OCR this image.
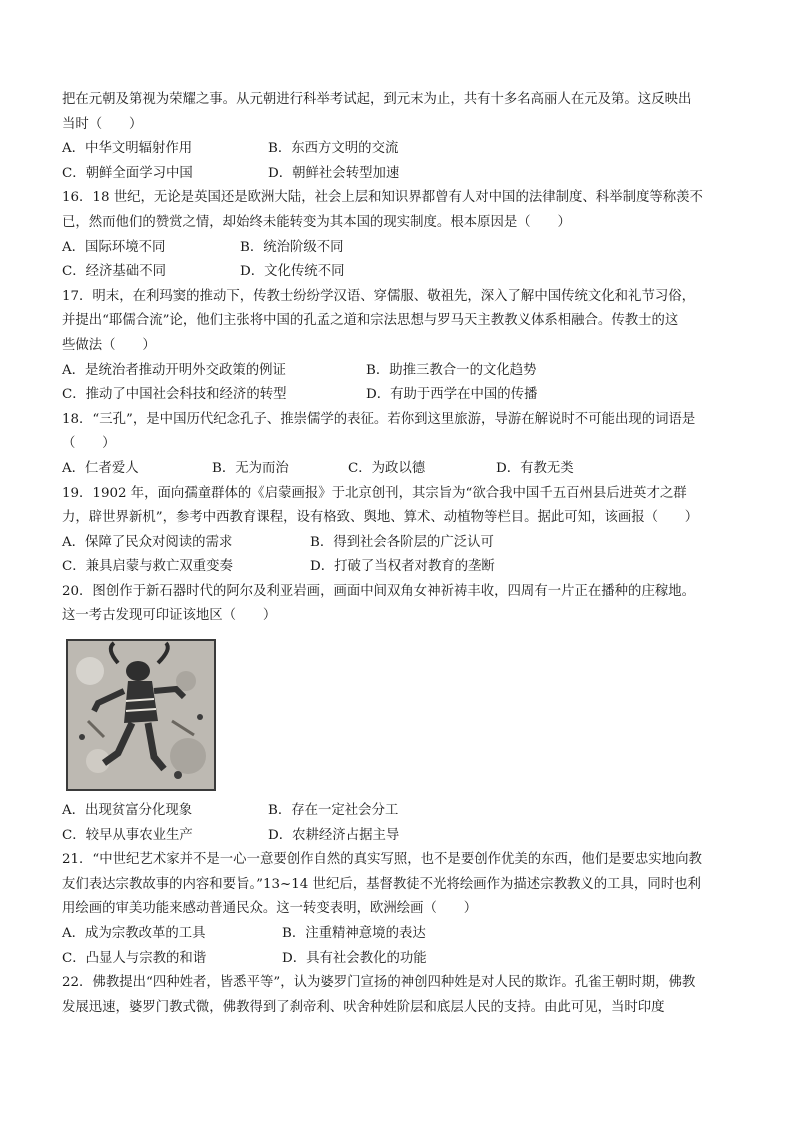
把在元朝及第视为荣耀之事。从元朝进行科举考试起，到元末为止，共有十多名高丽人在元及第。这反映出
当时（　　）
A．中华文明辐射作用	B．东西方文明的交流
C．朝鲜全面学习中国	D．朝鲜社会转型加速
16．18 世纪，无论是英国还是欧洲大陆，社会上层和知识界都曾有人对中国的法律制度、科举制度等称羡不
已，然而他们的赞赏之情，却始终未能转变为其本国的现实制度。根本原因是（　　）
A．国际环境不同	B．统治阶级不同
C．经济基础不同	D．文化传统不同
17．明末，在利玛窦的推动下，传教士纷纷学汉语、穿儒服、敬祖先，深入了解中国传统文化和礼节习俗，
并提出“耶儒合流”论，他们主张将中国的孔孟之道和宗法思想与罗马天主教教义体系相融合。传教士的这
些做法（　　）
A．是统治者推动开明外交政策的例证	B．助推三教合一的文化趋势
C．推动了中国社会科技和经济的转型	D．有助于西学在中国的传播
18．“三孔”，是中国历代纪念孔子、推崇儒学的表征。若你到这里旅游，导游在解说时不可能出现的词语是
（　　）
A．仁者爱人	B．无为而治	C．为政以德	D．有教无类
19．1902 年，面向孺童群体的《启蒙画报》于北京创刊，其宗旨为“欲合我中国千五百州县后进英才之群
力，辟世界新机”，参考中西教育课程，设有格致、舆地、算术、动植物等栏目。据此可知，该画报（　　）
A．保障了民众对阅读的需求	B．得到社会各阶层的广泛认可
C．兼具启蒙与救亡双重变奏	D．打破了当权者对教育的垄断
20．图创作于新石器时代的阿尔及利亚岩画，画面中间双角女神祈祷丰收，四周有一片正在播种的庄稼地。
这一考古发现可印证该地区（　　）
A．出现贫富分化现象	B．存在一定社会分工
C．较早从事农业生产	D．农耕经济占据主导
21．“中世纪艺术家并不是一心一意要创作自然的真实写照，也不是要创作优美的东西，他们是要忠实地向教
友们表达宗教故事的内容和要旨。”13~14 世纪后，基督教徒不光将绘画作为描述宗教教义的工具，同时也利
用绘画的审美功能来感动普通民众。这一转变表明，欧洲绘画（　　）
A．成为宗教改革的工具	B．注重精神意境的表达
C．凸显人与宗教的和谐	D．具有社会教化的功能
22．佛教提出“四种姓者，皆悉平等”，认为婆罗门宣扬的神创四种姓是对人民的欺诈。孔雀王朝时期，佛教
发展迅速，婆罗门教式微，佛教得到了刹帝利、吠舍种姓阶层和底层人民的支持。由此可见，当时印度
